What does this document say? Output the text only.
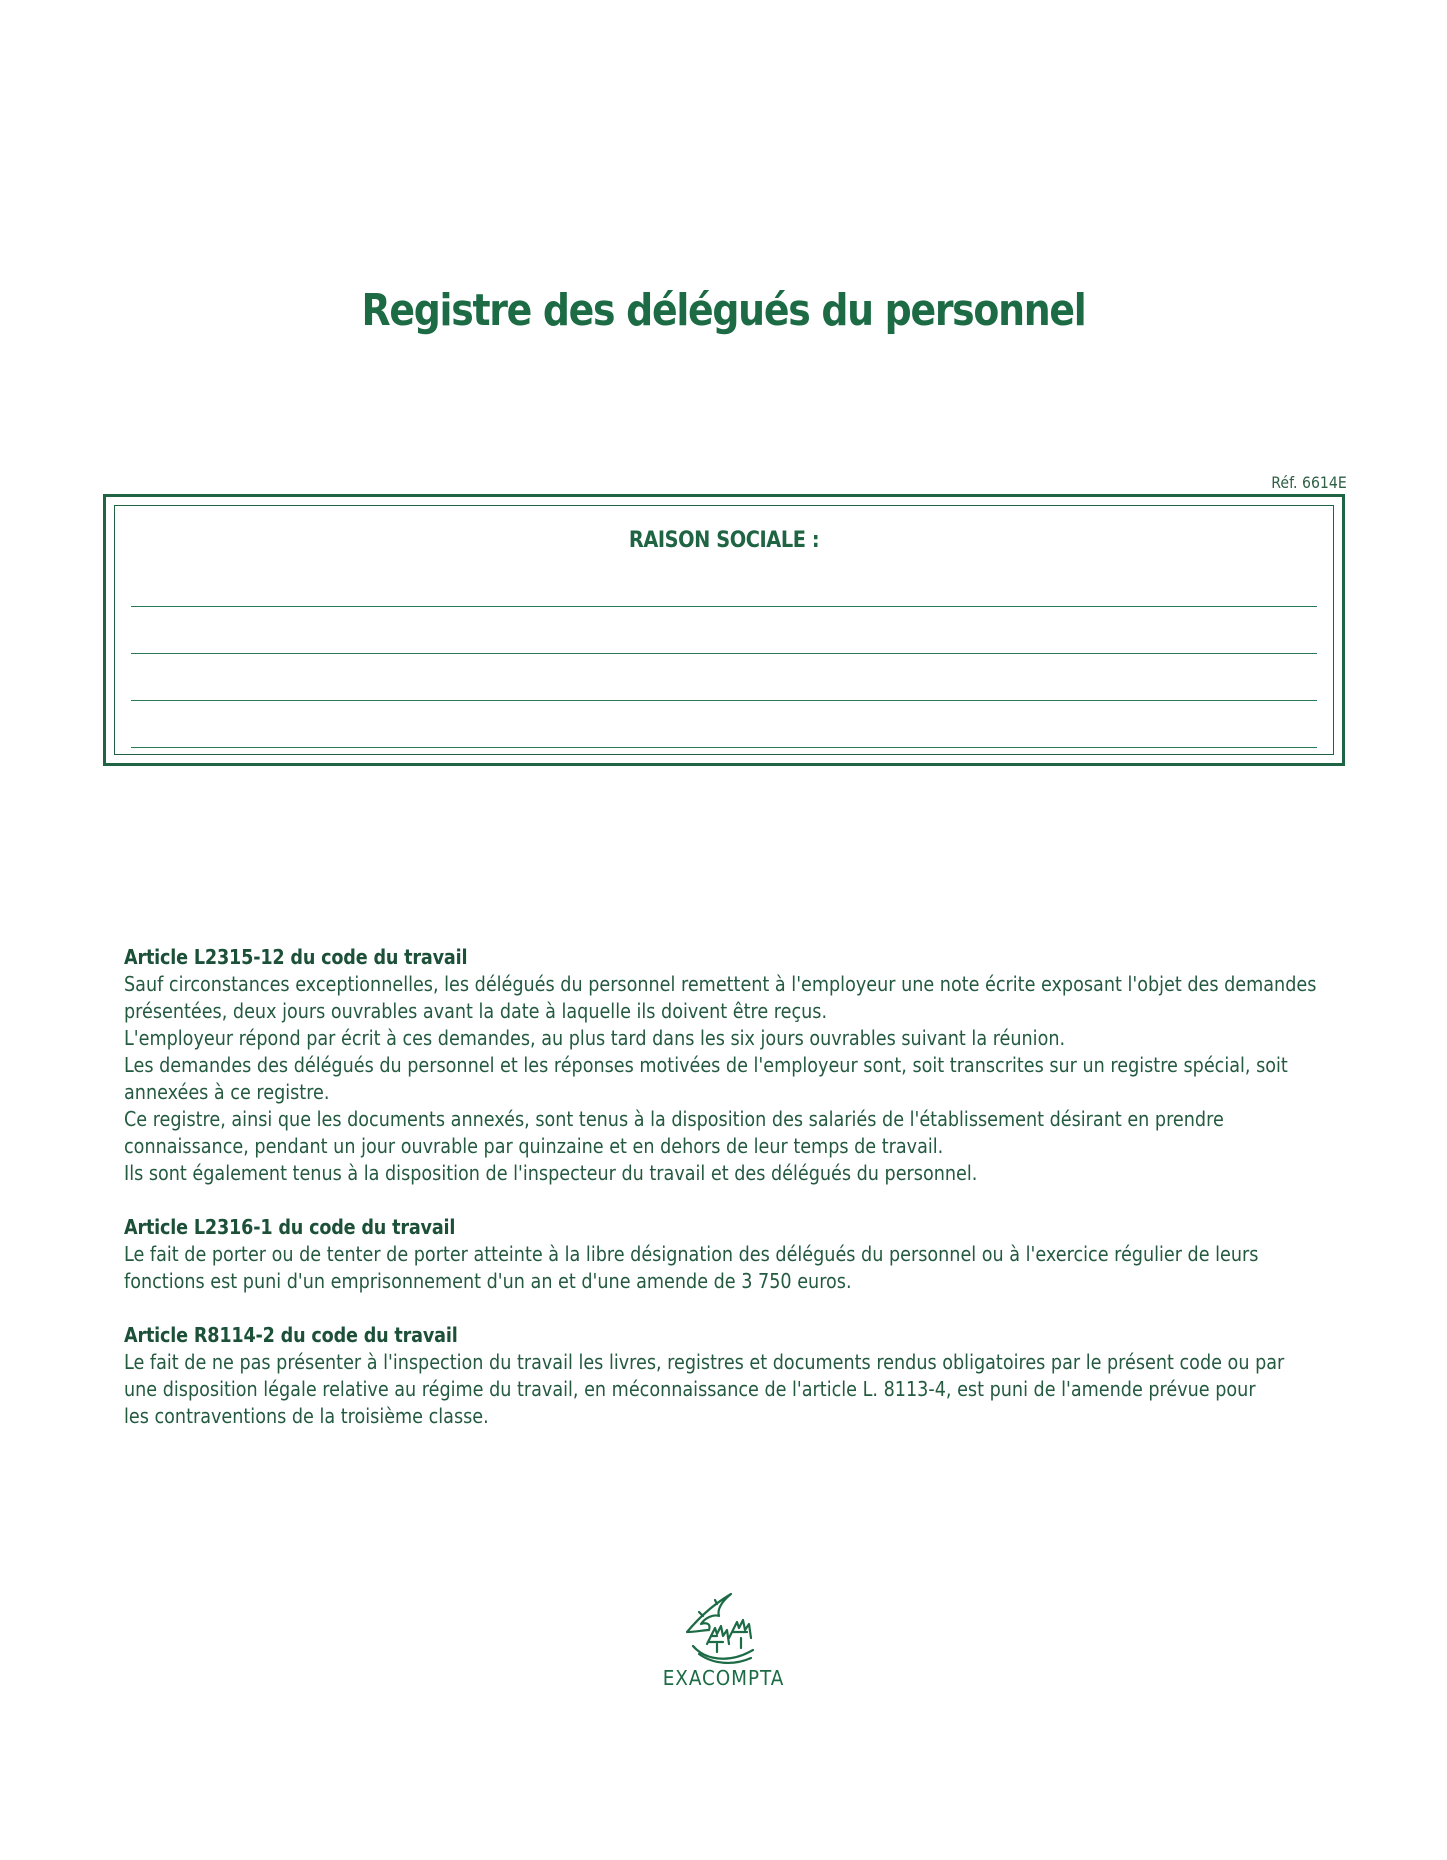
Registre des délégués du personnel
Réf. 6614E
RAISON SOCIALE :
Article L2315-12 du code du travail
Sauf circonstances exceptionnelles, les délégués du personnel remettent à l'employeur une note écrite exposant l'objet des demandes
présentées, deux jours ouvrables avant la date à laquelle ils doivent être reçus.
L'employeur répond par écrit à ces demandes, au plus tard dans les six jours ouvrables suivant la réunion.
Les demandes des délégués du personnel et les réponses motivées de l'employeur sont, soit transcrites sur un registre spécial, soit
annexées à ce registre.
Ce registre, ainsi que les documents annexés, sont tenus à la disposition des salariés de l'établissement désirant en prendre
connaissance, pendant un jour ouvrable par quinzaine et en dehors de leur temps de travail.
Ils sont également tenus à la disposition de l'inspecteur du travail et des délégués du personnel.
Article L2316-1 du code du travail
Le fait de porter ou de tenter de porter atteinte à la libre désignation des délégués du personnel ou à l'exercice régulier de leurs
fonctions est puni d'un emprisonnement d'un an et d'une amende de 3 750 euros.
Article R8114-2 du code du travail
Le fait de ne pas présenter à l'inspection du travail les livres, registres et documents rendus obligatoires par le présent code ou par
une disposition légale relative au régime du travail, en méconnaissance de l'article L. 8113-4, est puni de l'amende prévue pour
les contraventions de la troisième classe.
EXACOMPTA
